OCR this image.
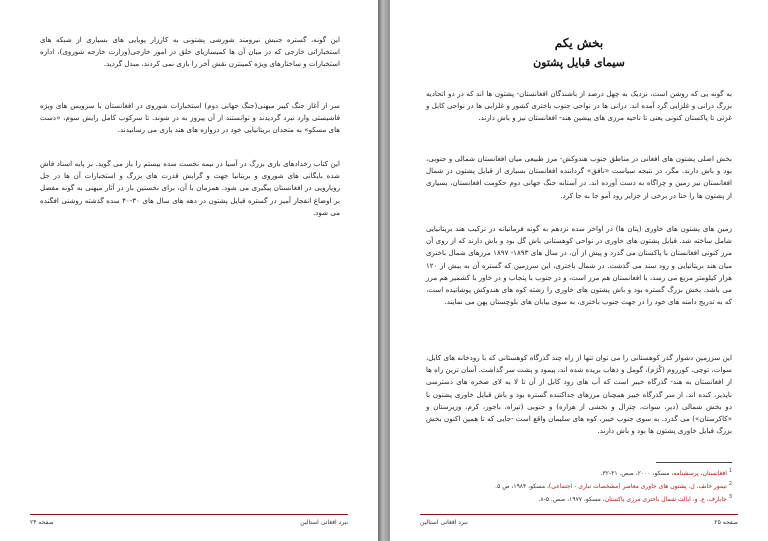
این گونه، گستره جنبش نیرومند شورشی پشتونی به کارزار پویایی های بسیاری از شبکه های استخباراتی خارجی که در میان آن ها کمیساریای خلق در امور خارجی(وزارت خارجه شوروی)، اداره استخبارات و ساختارهای ویژه کمینترن نقش آخر را بازی نمی کردند، مبدل گردید.

سر از آغاز جنگ کبیر میهنی(جنگ جهانی دوم) استخبارات شوروی در افغانستان با سرویس های ویژه فاشیستی وارد نبرد گردیدند و توانستند از آن پیروز به در شوند. تا سرکوب کامل رایش سوم، «دست های مسکو» به متحدان بریتانیایی خود در دروازه های هند یاری می رسانیدند.

این کتاب رخدادهای بازی بزرگ در آسیا در نیمه نخست سده بیستم را باز می گوید. بر پایه اسناد فاش شده بایگانی های شوروی و بریتانیا جهت و گرایش قدرت های بزرگ و استخبارات آن ها در حل رویارویی در افغانستان پیگیری می شود. همزمان با آن، برای نخستین بار در آثار میهنی به گونه مفصل بر اوضاع انفجار آمیز در گستره قبایل پشتون در دهه های سال های ۳۰-۴۰ سده گذشته روشنی افگنده می شود.

نبرد افغانی استالین
صفحه ۲۴
بخش یکم
سیمای قبایل پشتون

به گونه یی که روشن است، نزدیک به چهل درصد از باشندگان افغانستان- پشتون ها اند که در دو اتحادیه بزرگ درانی و غلزایی گرد آمده اند. درانی ها در نواحی جنوب باختری کشور و غلزایی ها در نواحی کابل و غزنی تا پاکستان کنونی یعنی تا ناحیه مرزی های پیشین هند- افغانستان نیز و باش دارند.

بخش اصلی پشتون های افغانی در مناطق جنوب هندوکش- مرز طبیعی میان افغانستان شمالی و جنوبی، بود و باش دارند. مگر، در نتیجه سیاست «نافق» گرداننده افغانستان بسیاری از قبایل پشتون در شمال افغانستان نیز زمین و چراگاه به دست آورده اند. در آستانه جنگ جهانی دوم حکومت افغانستان، بسیاری از پشتون ها را حتا در برخی از جزایر رود آمو جا به جا کرد.

زمین های پشتون های خاوری (پتان ها) در اواخر سده نزدهم به گونه فرمانبانه در ترکیب هند بریتانیایی شامل ساخته شد. قبایل پشتون های خاوری در نواحی کوهستانی باش گل بود و باش دارند که از روی آن مرز کنونی افغانستان با پاکستان می گذرد و پیش از آن، در سال های ۱۸۹۳- ۱۸۹۷ مرزهای شمال باختری میان هند بریتانیایی و رود سند می گذشت. در شمال باختری، این سرزمین که گستره آن به بیش از ۱۲۰ هزار کیلومتر مربع می رسد، با افغانستان هم مرز است، و در جنوب با پنجاب و در خاور با کشمیر هم مرز می باشد. بخش بزرگ گستره بود و باش پشتون های خاوری را رشته کوه های هندوکش پوشانیده است، که به تدریج دامنه های خود را در جهت جنوب باختری، به سوی بیابان های بلوچستان پهن می نمایند.

این سرزمین دشوار گذر کوهستانی را می توان تنها از راه چند گذرگاه کوهستانی که با رودخانه های کابل، سوات، توچی، کورروم (کُرَم)، گومل و ذهاب بریده شده اند، پیمود و پشت سر گذاشت. آسان ترین راه ها از افغانستان به هند- گذرگاه خیبر است که آب های رود کابل از آن تا لا به لای صخره های دسترسی ناپذیر، کنده اند. از سر گذرگاه خیبر همچنان مرزهای جداکننده گستره بود و باش قبایل خاوری پشتون با دو بخش شمالی (دیر، سوات، چترال و بخشی از هزاره) و جنوبی (تیراه، باجور، کرم، وزیرستان و «کاکرستان») می گذرد. به سوی جنوب خیبر، کوه های سلیمان واقع است -جایی که تا همین اکنون بخش بزرگ قبایل خاوری پشتون ها بود و باش دارند.

$^1$ افغانستان، پرسشنامه، مسکو، ۲۰۰۰، صص. ۳۱-۳۲.
$^2$ تیمور خانف، ل. پشتون های خاوری معاصر (مشخصات تباری - اجتماعی)، مسکو، ۱۹۸۴، ص ۵.
$^3$ جابارف، ع. و. ایالت شمال باختری مرزی پاکستان، مسکو، ۱۹۷۷، صص. ۵-۸.
نبرد افغانی استالین	صفحه ۲۵
